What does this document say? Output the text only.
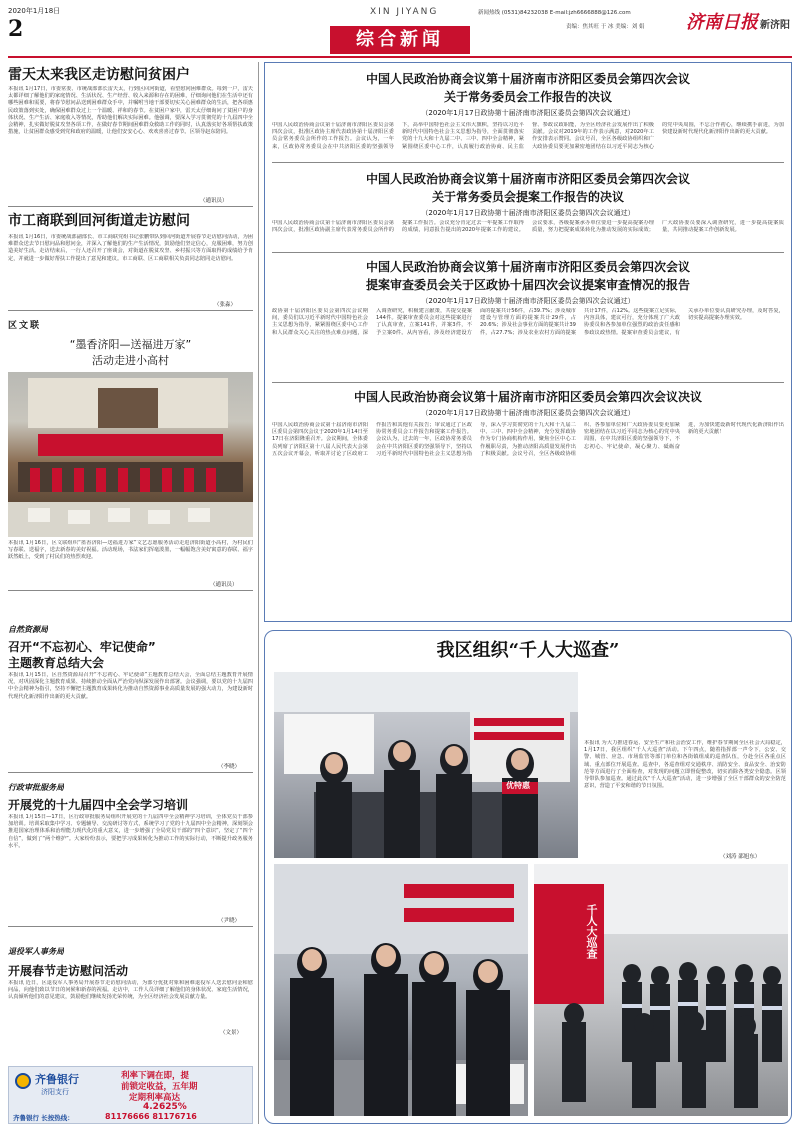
2020年1月18日
2
XIN JIYANG	新闻热线 (0531)84232038 E-mail:jzh6666888@126.com
责编：焦其旺 于 冰 美编：刘 娟 济南日报 新济阳
综合新闻
雷天太来我区走访慰问贫困户
本报讯 1月17日，市委常委、市统战部部长雷天太，行到区回河街道，看望慰问困难群众。每到一户，雷天太都详细了解他们的家庭情况、生活状况、生产经营、收入来源和存在的困难，仔细询问他们在生活中还有哪些困难和需要，将春节慰问品送到困难群众手中，并嘱咐当地干部要切实关心困难群众的生活，把各项惠民政策落到实处，确保困难群众过上一个温暖、祥和的春节。在贫困户家中，雷天太仔细询问了贫困户的身体状况、生产生活、家庭收入等情况，帮助他们解决实际困难。他强调，要深入学习贯彻党的十九届四中全会精神，扎实做好脱贫攻坚各项工作，在做好春节期间困难群众救助工作的同时，认真落实好各项帮扶政策措施，让贫困群众感受到党和政府的温暖，让他们安安心心、欢欢喜喜过春节。区领导赵东陪同。
（通讯员）
市工商联到回河街道走访慰问
本报讯 1月16日，市委统战部副部长、市工商联党组书记张鹏带队到回河街道开展春节走访慰问活动，为困难群众送去节日慰问品和慰问金，并深入了解他们的生产生活情况，鼓励他们坚定信心，克服困难，努力创造美好生活。走访结束后，一行人还召开了座谈会，对街道在脱贫攻坚、乡村振兴等方面取得的成绩给予肯定，并就进一步做好帮扶工作提出了意见和建议。市工商联、区工商联相关负责同志陪同走访慰问。
（张淼）
区文联
“墨香济阳—送福进万家”
活动走进小高村
本报讯 1月16日，区文联组织“墨香济阳—送福进万家”文艺志愿服务活动走进济阳街道小高村，为村民们写春联、送福字，送去新春的美好祝福。活动现场，书法家们挥毫泼墨，一幅幅饱含美好寓意的春联、福字跃然纸上，受到了村民们的热烈欢迎。
（通讯员）
自然资源局
召开“不忘初心、牢记使命”
主题教育总结大会
本报讯 1月15日，区自然资源局召开“不忘初心、牢记使命”主题教育总结大会，全面总结主题教育开展情况，对巩固深化主题教育成果、持续推动全面从严治党向纵深发展作出部署。会议强调，要以党的十九届四中全会精神为指引，坚持不懈把主题教育成果转化为推动自然资源事业高质量发展的强大动力，为建设新时代现代化新济阳作出新的更大贡献。
（李晓）
行政审批服务局
开展党的十九届四中全会学习培训
本报讯 1月15日—17日，区行政审批服务局组织开展党的十九届四中全会精神学习培训，全体党员干部参加培训。培训采取集中学习、专题辅导、交流研讨等方式，系统学习了党的十九届四中全会精神，深刻领会推进国家治理体系和治理能力现代化的重大意义，进一步增强了全局党员干部的“四个意识”，坚定了“四个自信”，做到了“两个维护”。大家纷纷表示，要把学习成果转化为推动工作的实际行动，不断提升政务服务水平。
（尹晓）
退役军人事务局
开展春节走访慰问活动
本报讯 近日，区退役军人事务局开展春节走访慰问活动，为部分优抚对象和困难退役军人送去慰问金和慰问品，向他们致以节日的问候和新春的祝福。走访中，工作人员详细了解他们的身体状况、家庭生活情况，认真倾听他们的意见建议，鼓励他们继续发扬光荣传统，为全区经济社会发展贡献力量。
（文景）
齐鲁银行
济阳支行
利率下调在即，提
前锁定收益，五年期
定期利率高达
4.2625%
齐鲁银行 长按热线：	81176666 81176716
中国人民政治协商会议第十届济南市济阳区委员会第四次会议
关于常务委员会工作报告的决议
（2020年1月17日政协第十届济南市济阳区委员会第四次会议通过）
中国人民政治协商会议第十届济南市济阳区委员会第四次会议，批准区政协主席代表政协第十届济阳区委员会常务委员会所作的工作报告。会议认为，一年来，区政协常务委员会在中共济阳区委的坚强领导下，高举中国特色社会主义伟大旗帜，坚持以习近平新时代中国特色社会主义思想为指导，全面贯彻落实党的十九大和十九届二中、三中、四中全会精神，紧紧围绕区委中心工作，认真履行政治协商、民主监督、参政议政职能，为全区经济社会发展作出了积极贡献。会议对2019年的工作表示满意，对2020年工作安排表示赞同。会议号召，全区各级政协组织和广大政协委员要更加紧密地团结在以习近平同志为核心的党中央周围，不忘合作初心，继续携手前进，为加快建设新时代现代化新济阳作出新的更大贡献。
中国人民政治协商会议第十届济南市济阳区委员会第四次会议
关于常务委员会提案工作报告的决议
（2020年1月17日政协第十届济南市济阳区委员会第四次会议通过）
中国人民政治协商会议第十届济南市济阳区委员会第四次会议，批准区政协副主席代表常务委员会所作的提案工作报告。会议充分肯定过去一年提案工作取得的成绩，同意报告提出的2020年提案工作的建议。会议要求，各级提案承办单位要进一步提高提案办理质量，努力把提案成果转化为推动发展的实际成效；广大政协委员要深入调查研究，进一步提高提案质量，共同推动提案工作创新发展。
中国人民政治协商会议第十届济南市济阳区委员会第四次会议
提案审查委员会关于区政协十届四次会议提案审查情况的报告
（2020年1月17日政协第十届济南市济阳区委员会第四次会议通过）
政协第十届济阳区委员会第四次会议期间，委员们以习近平新时代中国特色社会主义思想为指导，紧紧围绕区委中心工作和人民群众关心关注的热点难点问题，深入调查研究，积极建言献策，共提交提案144件。提案审查委员会对这些提案进行了认真审查，立案141件，并案3件，不予立案0件。从内容看，涉及经济建设方面的提案共计56件，占39.7%；涉及城市建设与管理方面的提案共计29件，占20.6%；涉及社会事业方面的提案共计39件，占27.7%；涉及农业农村方面的提案共计17件，占12%。这些提案立足实际，内容具体，建议可行，充分体现了广大政协委员和各参加单位强烈的政治责任感和参政议政热情。提案审查委员会建议，有关承办单位要认真研究办理，及时答复，切实提高提案办理实效。
中国人民政治协商会议第十届济南市济阳区委员会第四次会议决议
（2020年1月17日政协第十届济南市济阳区委员会第四次会议通过）
中国人民政治协商会议第十届济南市济阳区委员会第四次会议于2020年1月14日至17日在济阳隆重召开。会议期间，全体委员列席了济阳区第十八届人民代表大会第五次会议开幕会，听取并讨论了区政府工作报告和其他有关报告；审议通过了区政协常务委员会工作报告和提案工作报告。会议认为，过去的一年，区政协常务委员会在中共济阳区委的坚强领导下，坚持以习近平新时代中国特色社会主义思想为指导，深入学习贯彻党的十九大和十九届二中、三中、四中全会精神，充分发挥政协作为专门协商机构作用，聚焦全区中心工作履职尽责，为推动济阳高质量发展作出了积极贡献。会议号召，全区各级政协组织、各参加单位和广大政协委员要更加紧密地团结在以习近平同志为核心的党中央周围，在中共济阳区委的坚强领导下，不忘初心、牢记使命，凝心聚力、砥砺奋进，为加快建设新时代现代化新济阳作出新的更大贡献！
我区组织“千人大巡查”
优特惠
本报讯 为大力推进春运、安全生产和社会治安工作，维护春节期间全区社会大局稳定，1月17日，我区组织“千人大巡查”活动。下午四点，随着指挥部一声令下，公安、交警、城管、应急、市场监管等部门单位和各街镇组成的巡查队伍，分赴全区各重点区域、重点部位开展巡查。巡查中，各巡查组对交通秩序、消防安全、食品安全、治安防范等方面进行了全面检查，对发现的问题立即督促整改，切实消除各类安全隐患。区领导带队参加巡查。通过此次“千人大巡查”活动，进一步增强了全区干部群众的安全防范意识，营造了平安和谐的节日氛围。
（刘涛 邵旭东）
千人大巡查
